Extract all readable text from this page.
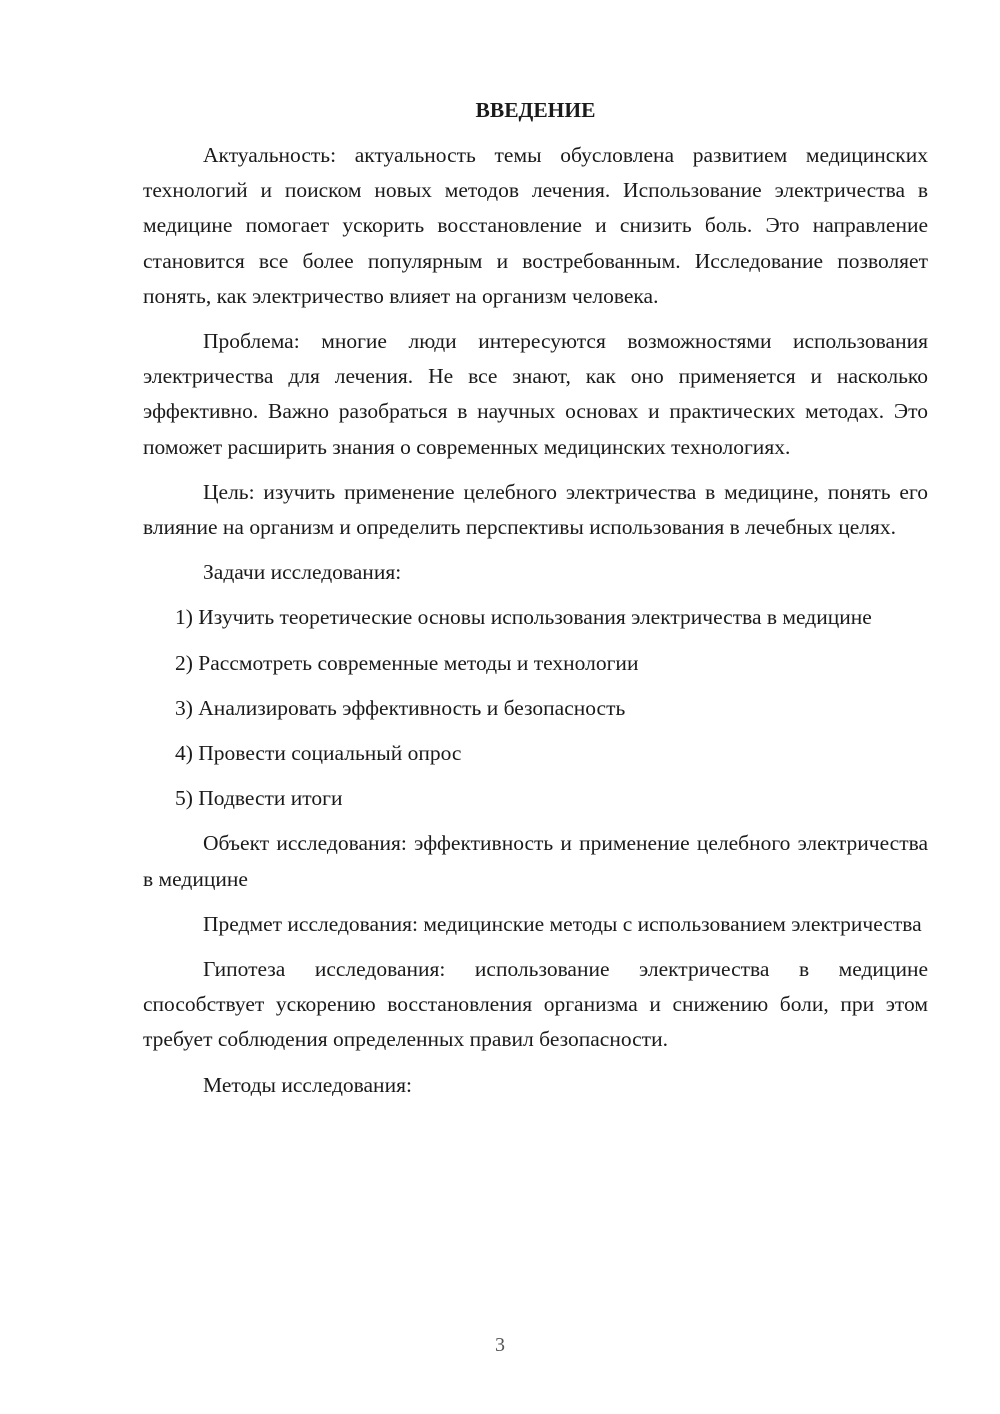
ВВЕДЕНИЕ

Актуальность: актуальность темы обусловлена развитием медицинских технологий и поиском новых методов лечения. Использование электричества в медицине помогает ускорить восстановление и снизить боль. Это направление становится все более популярным и востребованным. Исследование позволяет понять, как электричество влияет на организм человека.

Проблема: многие люди интересуются возможностями использования электричества для лечения. Не все знают, как оно применяется и насколько эффективно. Важно разобраться в научных основах и практических методах. Это поможет расширить знания о современных медицинских технологиях.

Цель: изучить применение целебного электричества в медицине, понять его влияние на организм и определить перспективы использования в лечебных целях.

Задачи исследования:

1) Изучить теоретические основы использования электричества в медицине

2) Рассмотреть современные методы и технологии

3) Анализировать эффективность и безопасность

4) Провести социальный опрос

5) Подвести итоги

Объект исследования: эффективность и применение целебного электричества в медицине

Предмет исследования: медицинские методы с использованием электричества

Гипотеза исследования: использование электричества в медицине способствует ускорению восстановления организма и снижению боли, при этом требует соблюдения определенных правил безопасности.

Методы исследования:

3
